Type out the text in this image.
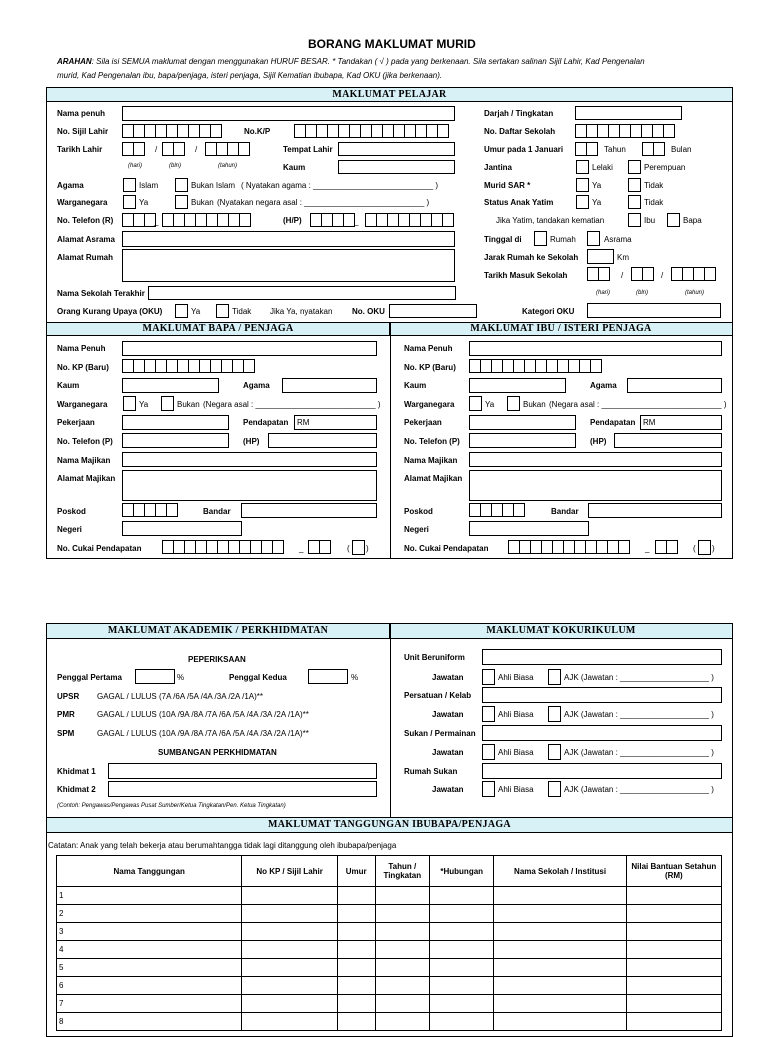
BORANG MAKLUMAT MURID
ARAHAN: Sila isi SEMUA maklumat dengan menggunakan HURUF BESAR. * Tandakan ( √ ) pada yang berkenaan. Sila sertakan salinan Sijil Lahir, Kad Pengenalan
murid, Kad Pengenalan ibu, bapa/penjaga, isteri penjaga, Sijil Kematian ibubapa, Kad OKU (jika berkenaan).
MAKLUMAT PELAJAR
Nama penuh
No. Sijil Lahir	No.K/P
Tarikh Lahir	/	/
(hari)	(bln)	(tahun)
Tempat Lahir
Kaum
Agama	Islam	Bukan Islam ( Nyatakan agama : ___________________________ )
Warganegara	Ya	Bukan (Nyatakan negara asal : ___________________________ )
No. Telefon (R)	_	(H/P)	_
Alamat Asrama
Alamat Rumah
Nama Sekolah Terakhir
Orang Kurang Upaya (OKU)	Ya	Tidak Jika Ya, nyatakan No. OKU
Darjah / Tingkatan
No. Daftar Sekolah
Umur pada 1 Januari	Tahun	Bulan
Jantina	Lelaki	Perempuan
Murid SAR *	Ya	Tidak
Status Anak Yatim	Ya	Tidak
Jika Yatim, tandakan kematian	Ibu	Bapa
Tinggal di	Rumah	Asrama
Jarak Rumah ke Sekolah	Km
Tarikh Masuk Sekolah	/	/
(hari)	(bln)	(tahun)
Kategori OKU
MAKLUMAT BAPA / PENJAGA	MAKLUMAT IBU / ISTERI PENJAGA
Nama Penuh
No. KP (Baru)
Kaum	Agama
Warganegara	Ya	Bukan (Negara asal : ___________________________ )
Pekerjaan	Pendapatan RM
No. Telefon (P)	(HP)
Nama Majikan
Alamat Majikan
Poskod	Bandar
Negeri
No. Cukai Pendapatan	_	( )
Nama Penuh
No. KP (Baru)
Kaum	Agama
Warganegara	Ya	Bukan (Negara asal : ___________________________ )
Pekerjaan	Pendapatan RM
No. Telefon (P)	(HP)
Nama Majikan
Alamat Majikan
Poskod	Bandar
Negeri
No. Cukai Pendapatan	_	( )
MAKLUMAT AKADEMIK / PERKHIDMATAN	MAKLUMAT KOKURIKULUM
PEPERIKSAAN
Penggal Pertama	%	Penggal Kedua	%
UPSR GAGAL / LULUS (7A /6A /5A /4A /3A /2A /1A)**
PMR	GAGAL / LULUS (10A /9A /8A /7A /6A /5A /4A /3A /2A /1A)**
SPM	GAGAL / LULUS (10A /9A /8A /7A /6A /5A /4A /3A /2A /1A)**
SUMBANGAN PERKHIDMATAN
Khidmat 1
Khidmat 2
(Contoh: Pengawas/Pengawas Pusat Sumber/Ketua Tingkatan/Pen. Ketua Tingkatan)
Unit Beruniform
Jawatan	Ahli Biasa	AJK (Jawatan : ____________________ )
Persatuan / Kelab
Jawatan	Ahli Biasa	AJK (Jawatan : ____________________ )
Sukan / Permainan
Jawatan	Ahli Biasa	AJK (Jawatan : ____________________ )
Rumah Sukan
Jawatan	Ahli Biasa	AJK (Jawatan : ____________________ )
MAKLUMAT TANGGUNGAN IBUBAPA/PENJAGA
Catatan: Anak yang telah bekerja atau berumahtangga tidak lagi ditanggung oleh ibubapa/penjaga
Nama Tanggungan	No KP / Sijil Lahir	Umur	Tahun / Tingkatan	*Hubungan	Nama Sekolah / Institusi	Nilai Bantuan Setahun (RM)
1						
2						
3						
4						
5						
6						
7						
8						
